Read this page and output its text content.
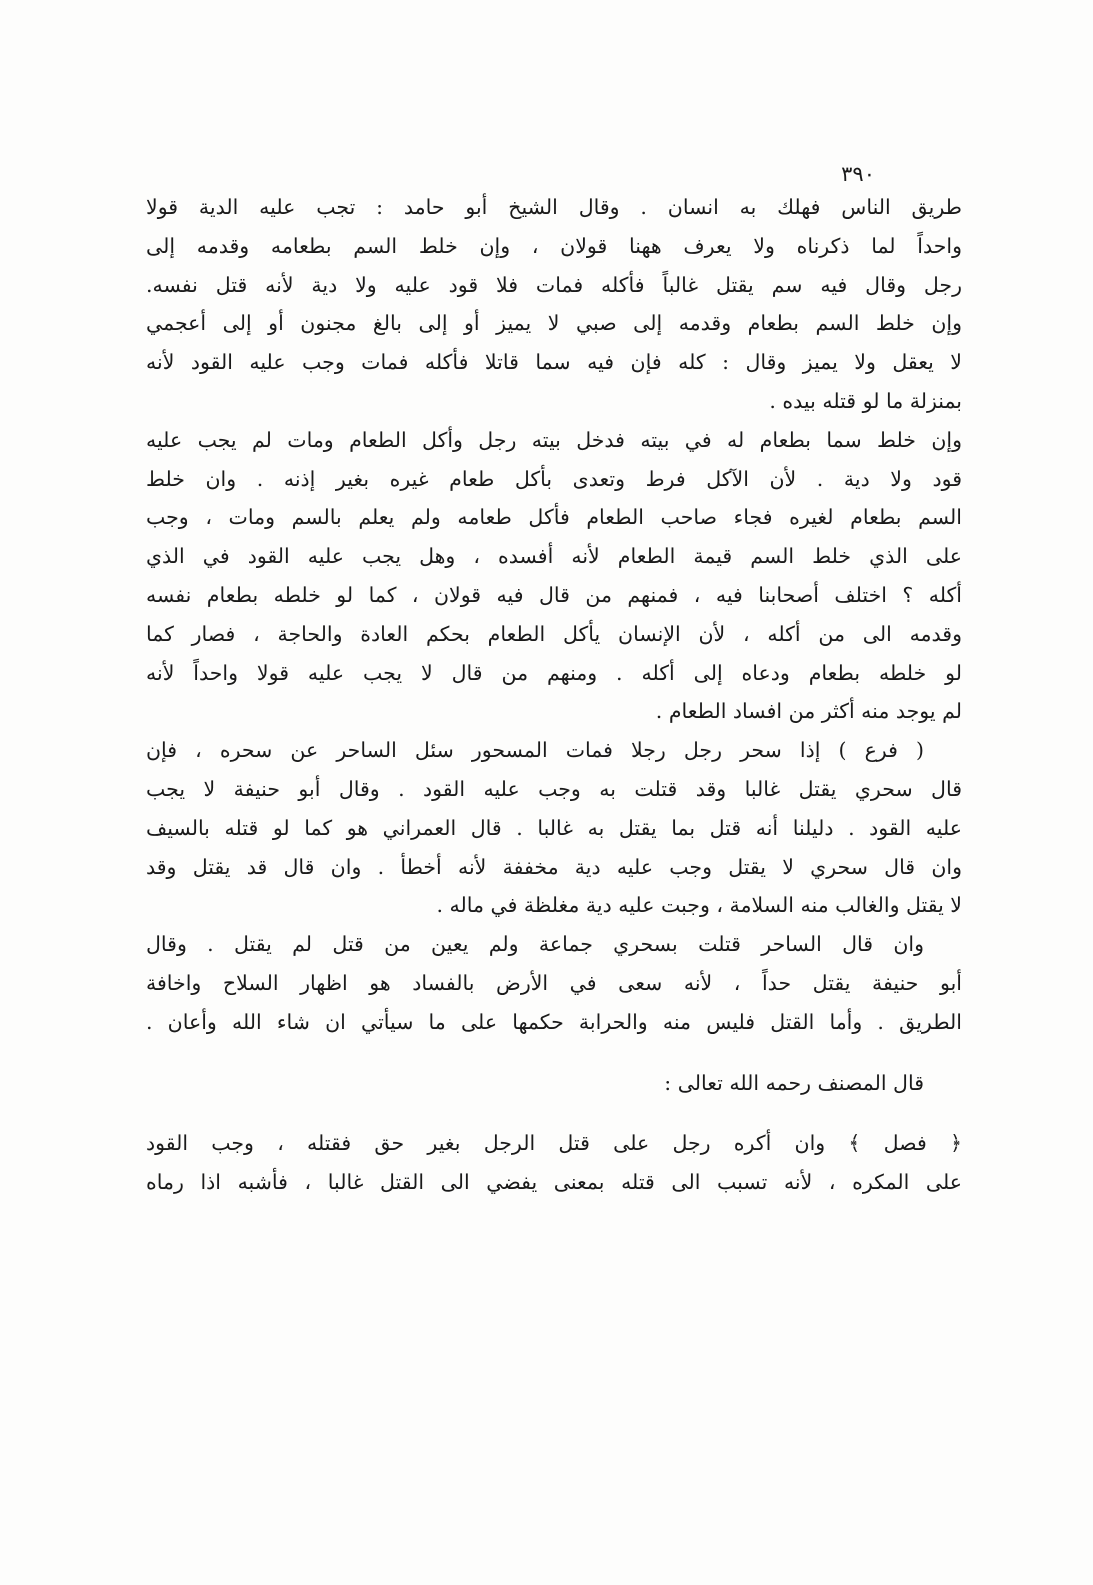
٣٩٠
طريق الناس فهلك به انسان . وقال الشيخ أبو حامد : تجب عليه الدية قولا
واحداً لما ذكرناه ولا يعرف ههنا قولان ، وإن خلط السم بطعامه وقدمه إلى
رجل وقال فيه سم يقتل غالباً فأكله فمات فلا قود عليه ولا دية لأنه قتل نفسه.
وإن خلط السم بطعام وقدمه إلى صبي لا يميز أو إلى بالغ مجنون أو إلى أعجمي
لا يعقل ولا يميز وقال : كله فإن فيه سما قاتلا فأكله فمات وجب عليه القود لأنه
بمنزلة ما لو قتله بيده .
وإن خلط سما بطعام له في بيته فدخل بيته رجل وأكل الطعام ومات لم يجب عليه
قود ولا دية . لأن الآكل فرط وتعدى بأكل طعام غيره بغير إذنه . وان خلط
السم بطعام لغيره فجاء صاحب الطعام فأكل طعامه ولم يعلم بالسم ومات ، وجب
على الذي خلط السم قيمة الطعام لأنه أفسده ، وهل يجب عليه القود في الذي
أكله ؟ اختلف أصحابنا فيه ، فمنهم من قال فيه قولان ، كما لو خلطه بطعام نفسه
وقدمه الى من أكله ، لأن الإنسان يأكل الطعام بحكم العادة والحاجة ، فصار كما
لو خلطه بطعام ودعاه إلى أكله . ومنهم من قال لا يجب عليه قولا واحداً لأنه
لم يوجد منه أكثر من افساد الطعام .
( فرع ) إذا سحر رجل رجلا فمات المسحور سئل الساحر عن سحره ، فإن
قال سحري يقتل غالبا وقد قتلت به وجب عليه القود . وقال أبو حنيفة لا يجب
عليه القود . دليلنا أنه قتل بما يقتل به غالبا . قال العمراني هو كما لو قتله بالسيف
وان قال سحري لا يقتل وجب عليه دية مخففة لأنه أخطأ . وان قال قد يقتل وقد
لا يقتل والغالب منه السلامة ، وجبت عليه دية مغلظة في ماله .
وان قال الساحر قتلت بسحري جماعة ولم يعين من قتل لم يقتل . وقال
أبو حنيفة يقتل حداً ، لأنه سعى في الأرض بالفساد هو اظهار السلاح واخافة
الطريق . وأما القتل فليس منه والحرابة حكمها على ما سيأتي ان شاء الله وأعان .
قال المصنف رحمه الله تعالى :
﴿ فصل ﴾ وان أكره رجل على قتل الرجل بغير حق فقتله ، وجب القود
على المكره ، لأنه تسبب الى قتله بمعنى يفضي الى القتل غالبا ، فأشبه اذا رماه
